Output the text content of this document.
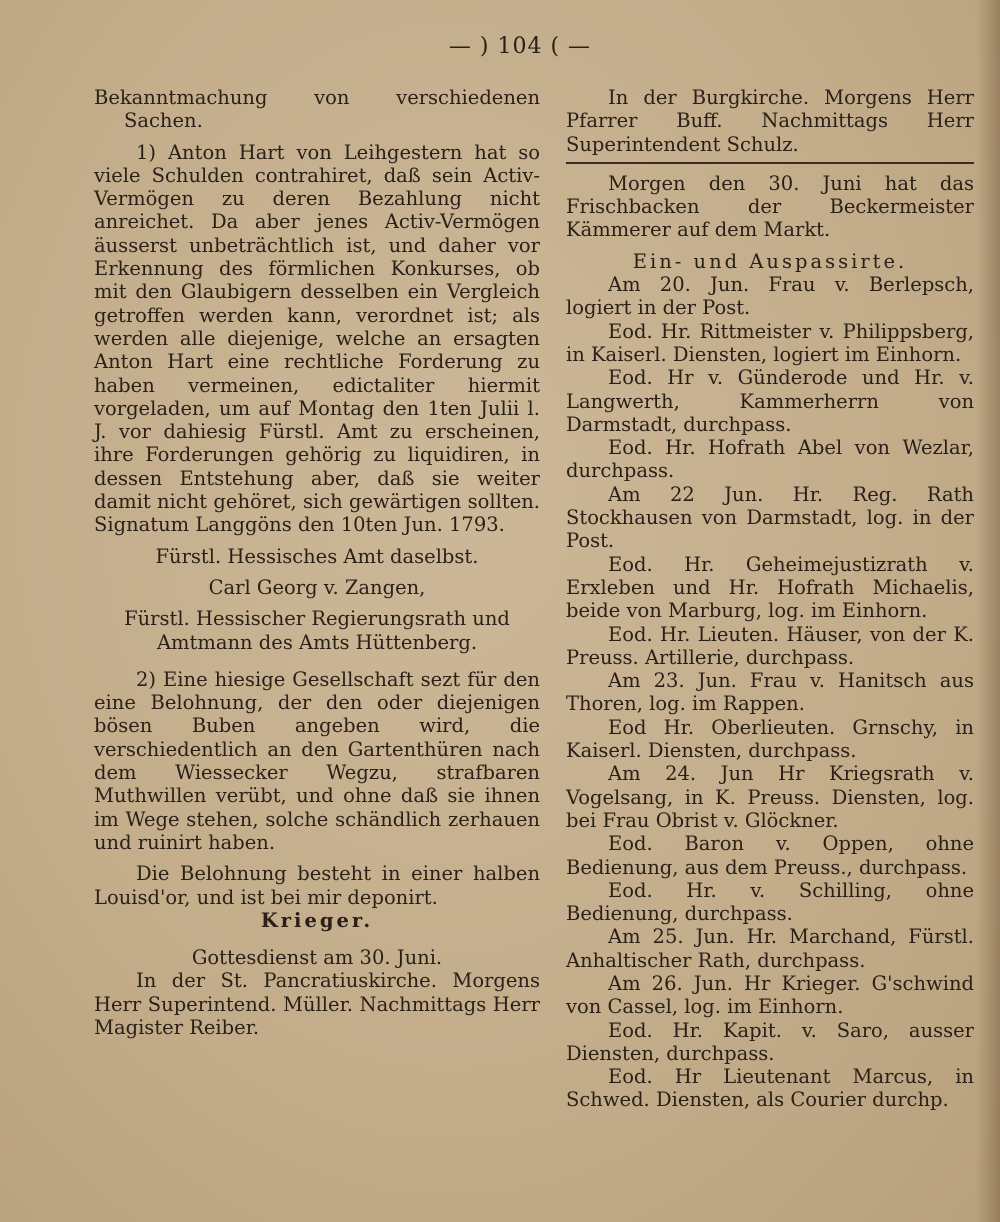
— ) 104 ( —

Bekanntmachung von verschiedenen Sachen.

1) Anton Hart von Leihgestern hat so viele Schulden contrahiret, daß sein Activ-Vermögen zu deren Bezahlung nicht anreichet. Da aber jenes Activ-Vermögen äusserst unbeträchtlich ist, und daher vor Erkennung des förmlichen Konkurses, ob mit den Glaubigern desselben ein Vergleich getroffen werden kann, verordnet ist; als werden alle diejenige, welche an ersagten Anton Hart eine rechtliche Forderung zu haben vermeinen, edictaliter hiermit vorgeladen, um auf Montag den 1ten Julii l. J. vor dahiesig Fürstl. Amt zu erscheinen, ihre Forderungen gehörig zu liquidiren, in dessen Entstehung aber, daß sie weiter damit nicht gehöret, sich gewärtigen sollten. Signatum Langgöns den 10ten Jun. 1793.

Fürstl. Hessisches Amt daselbst.

Carl Georg v. Zangen,

Fürstl. Hessischer Regierungsrath und Amtmann des Amts Hüttenberg.

2) Eine hiesige Gesellschaft sezt für den eine Belohnung, der den oder diejenigen bösen Buben angeben wird, die verschiedentlich an den Gartenthüren nach dem Wiessecker Wegzu, strafbaren Muthwillen verübt, und ohne daß sie ihnen im Wege stehen, solche schändlich zerhauen und ruinirt haben.

Die Belohnung besteht in einer halben Louisd'or, und ist bei mir deponirt.

Krieger.

Gottesdienst am 30. Juni.

In der St. Pancratiuskirche. Morgens Herr Superintend. Müller. Nachmittags Herr Magister Reiber.

In der Burgkirche. Morgens Herr Pfarrer Buff. Nachmittags Herr Superintendent Schulz.

Morgen den 30. Juni hat das Frischbacken der Beckermeister Kämmerer auf dem Markt.

Ein- und Auspassirte.

Am 20. Jun. Frau v. Berlepsch, logiert in der Post.

Eod. Hr. Rittmeister v. Philippsberg, in Kaiserl. Diensten, logiert im Einhorn.

Eod. Hr v. Günderode und Hr. v. Langwerth, Kammerherrn von Darmstadt, durchpass.

Eod. Hr. Hofrath Abel von Wezlar, durchpass.

Am 22 Jun. Hr. Reg. Rath Stockhausen von Darmstadt, log. in der Post.

Eod. Hr. Geheimejustizrath v. Erxleben und Hr. Hofrath Michaelis, beide von Marburg, log. im Einhorn.

Eod. Hr. Lieuten. Häuser, von der K. Preuss. Artillerie, durchpass.

Am 23. Jun. Frau v. Hanitsch aus Thoren, log. im Rappen.

Eod Hr. Oberlieuten. Grnschy, in Kaiserl. Diensten, durchpass.

Am 24. Jun Hr Kriegsrath v. Vogelsang, in K. Preuss. Diensten, log. bei Frau Obrist v. Glöckner.

Eod. Baron v. Oppen, ohne Bedienung, aus dem Preuss., durchpass.

Eod. Hr. v. Schilling, ohne Bedienung, durchpass.

Am 25. Jun. Hr. Marchand, Fürstl. Anhaltischer Rath, durchpass.

Am 26. Jun. Hr Krieger. G'schwind von Cassel, log. im Einhorn.

Eod. Hr. Kapit. v. Saro, ausser Diensten, durchpass.

Eod. Hr Lieutenant Marcus, in Schwed. Diensten, als Courier durchp.
